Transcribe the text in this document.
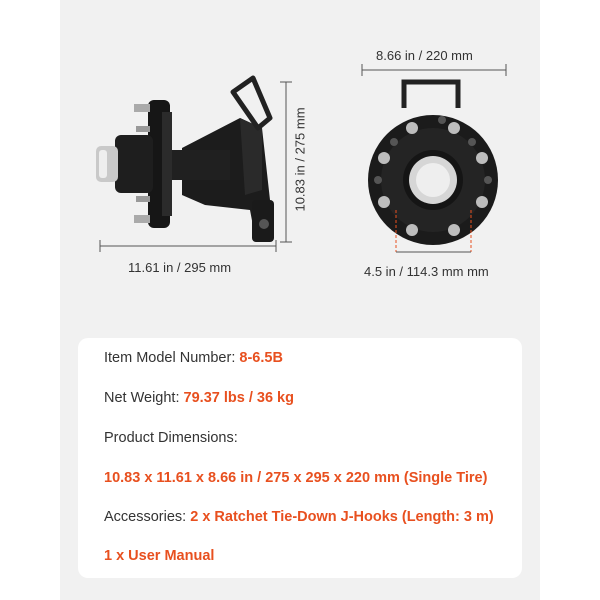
8.66 in / 220 mm
10.83 in / 275 mm
11.61 in / 295 mm	4.5 in / 114.3 mm mm
Item Model Number: 8-6.5B
Net Weight: 79.37 lbs / 36 kg
Product Dimensions:
10.83 x 11.61 x 8.66 in / 275 x 295 x 220 mm (Single Tire)
Accessories: 2 x Ratchet Tie-Down J-Hooks (Length: 3 m)
1 x User Manual
